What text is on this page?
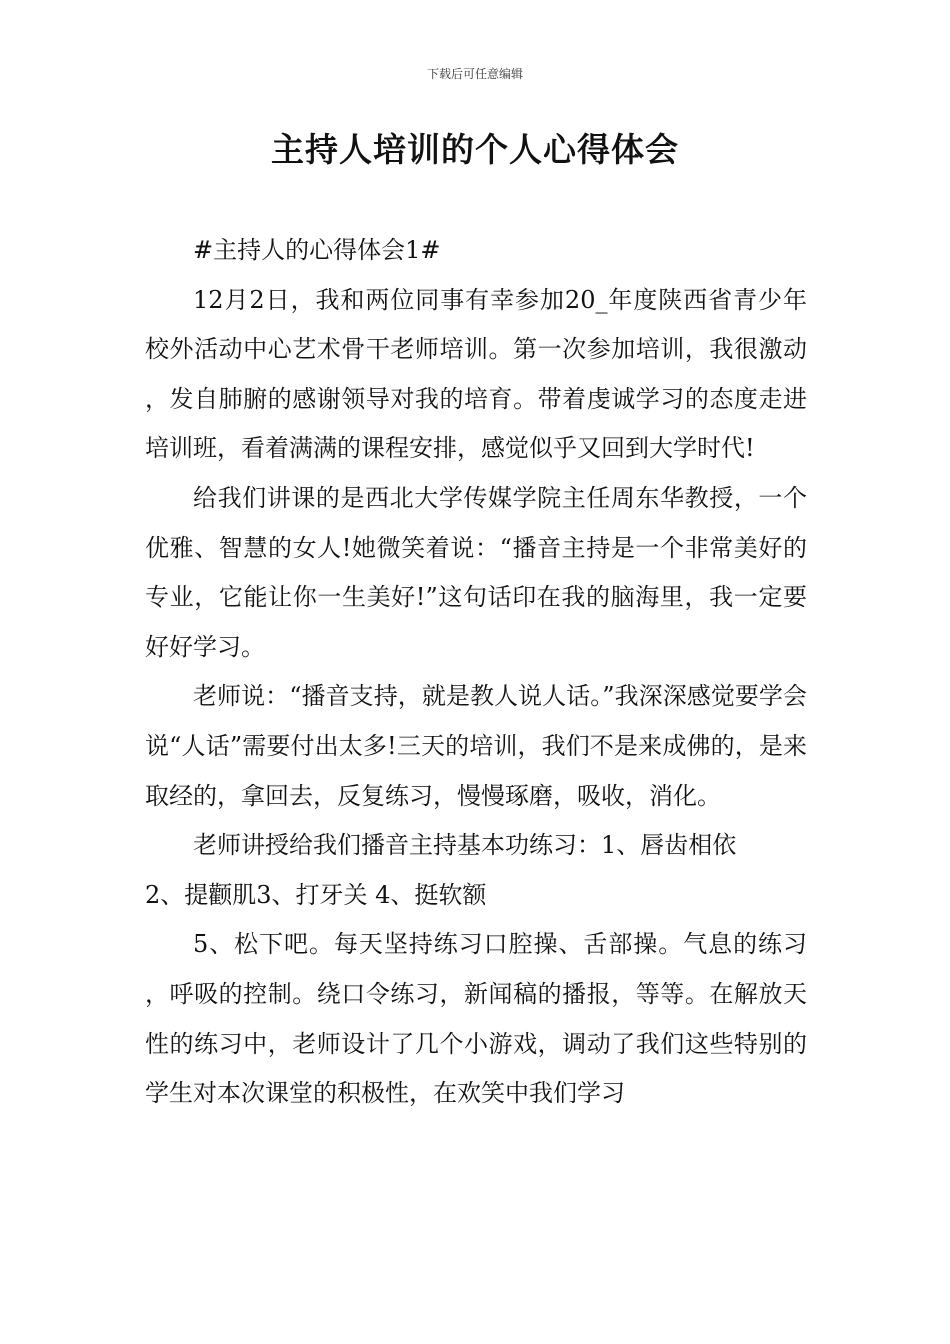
下载后可任意编辑
主持人培训的个人心得体会

#主持人的心得体会1#

12月2日，我和两位同事有幸参加20_年度陕西省青少年校外活动中心艺术骨干老师培训。第一次参加培训，我很激动，发自肺腑的感谢领导对我的培育。带着虔诚学习的态度走进培训班，看着满满的课程安排，感觉似乎又回到大学时代!

给我们讲课的是西北大学传媒学院主任周东华教授，一个优雅、智慧的女人!她微笑着说：“播音主持是一个非常美好的专业，它能让你一生美好!”这句话印在我的脑海里，我一定要好好学习。

老师说：“播音支持，就是教人说人话。”我深深感觉要学会说“人话”需要付出太多!三天的培训，我们不是来成佛的，是来取经的，拿回去，反复练习，慢慢琢磨，吸收，消化。

老师讲授给我们播音主持基本功练习：1、唇齿相依

2、提颧肌3、打牙关 4、挺软额

5、松下吧。每天坚持练习口腔操、舌部操。气息的练习，呼吸的控制。绕口令练习，新闻稿的播报，等等。在解放天性的练习中，老师设计了几个小游戏，调动了我们这些特别的学生对本次课堂的积极性，在欢笑中我们学习
